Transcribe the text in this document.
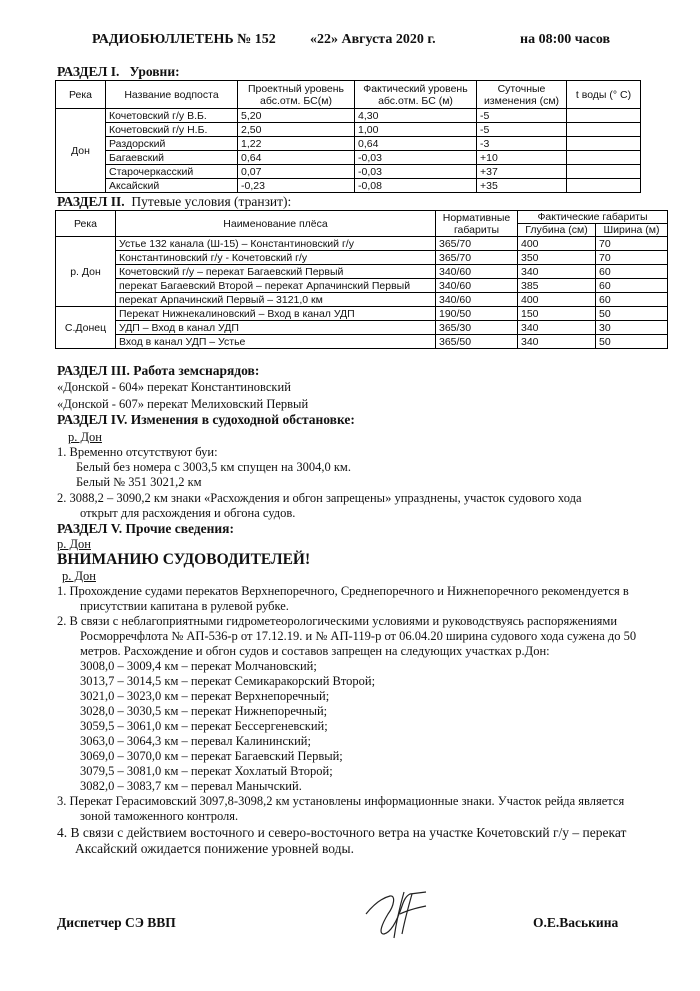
РАДИОБЮЛЛЕТЕНЬ № 152 «22» Августа 2020 г.	на 08:00 часов
РАЗДЕЛ I. Уровни:
Река	Название водпоста	Проектный уровень абс.отм. БС(м)	Фактический уровень абс.отм. БС (м)	Суточные изменения (см)	t воды (° C)
Дон	Кочетовский г/у В.Б.	5,20	4,30	-5	
	Кочетовский г/у Н.Б.	2,50	1,00	-5	
	Раздорский	1,22	0,64	-3	
	Багаевский	0,64	-0,03	+10	
	Старочеркасский	0,07	-0,03	+37	
	Аксайский	-0,23	-0,08	+35	
РАЗДЕЛ II. Путевые условия (транзит):
Река	Наименование плёса	Нормативные габариты	Фактические габариты	
			Глубина (см)	Ширина (м)
р. Дон	Устье 132 канала (Ш-15) – Константиновский г/у	365/70	400	70
	Константиновский г/у - Кочетовский г/у	365/70	350	70
	Кочетовский г/у – перекат Багаевский Первый	340/60	340	60
	перекат Багаевский Второй – перекат Арпачинский Первый	340/60	385	60
	перекат Арпачинский Первый – 3121,0 км	340/60	400	60
С.Донец	Перекат Нижнекалиновский – Вход в канал УДП	190/50	150	50
	УДП – Вход в канал УДП	365/30	340	30
	Вход в канал УДП – Устье	365/50	340	50
РАЗДЕЛ III. Работа земснарядов:
«Донской - 604» перекат Константиновский
«Донской - 607» перекат Мелиховский Первый
РАЗДЕЛ IV. Изменения в судоходной обстановке:
р. Дон
1. Временно отсутствуют буи:
Белый без номера с 3003,5 км спущен на 3004,0 км.
Белый № 351 3021,2 км
2. 3088,2 – 3090,2 км знаки «Расхождения и обгон запрещены» упразднены, участок судового хода
открыт для расхождения и обгона судов.
РАЗДЕЛ V. Прочие сведения:
р. Дон
ВНИМАНИЮ СУДОВОДИТЕЛЕЙ!
р. Дон
1. Прохождение судами перекатов Верхнепоречного, Среднепоречного и Нижнепоречного рекомендуется в
присутствии капитана в рулевой рубке.
2. В связи с неблагоприятными гидрометеорологическими условиями и руководствуясь распоряжениями
Росморречфлота № АП-536-р от 17.12.19. и № АП-119-р от 06.04.20 ширина судового хода сужена до 50
метров. Расхождение и обгон судов и составов запрещен на следующих участках р.Дон:
3008,0 – 3009,4 км – перекат Молчановский;
3013,7 – 3014,5 км – перекат Семикаракорский Второй;
3021,0 – 3023,0 км – перекат Верхнепоречный;
3028,0 – 3030,5 км – перекат Нижнепоречный;
3059,5 – 3061,0 км – перекат Бессергеневский;
3063,0 – 3064,3 км – перевал Калининский;
3069,0 – 3070,0 км – перекат Багаевский Первый;
3079,5 – 3081,0 км – перекат Хохлатый Второй;
3082,0 – 3083,7 км – перевал Манычский.
3. Перекат Герасимовский 3097,8-3098,2 км установлены информационные знаки. Участок рейда является
зоной таможенного контроля.
4. В связи с действием восточного и северо-восточного ветра на участке Кочетовский г/у – перекат
Аксайский ожидается понижение уровней воды.
Диспетчер СЭ ВВП	О.Е.Васькина
